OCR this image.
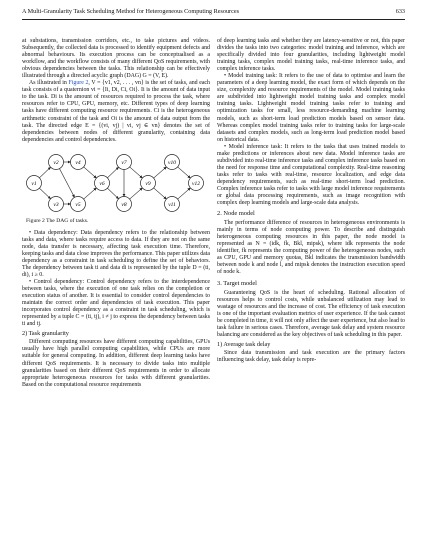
A Multi-Granularity Task Scheduling Method for Heterogeneous Computing Resources	633

at substations, transmission corridors, etc., to take pictures and videos. Subsequently, the collected data is processed to identify equipment defects and abnormal behaviours. Its execution process can be conceptualised as a workflow, and the workflow consists of many different QoS requirements, with obvious dependencies between the tasks. This relationship can be effectively illustrated through a directed acyclic graph (DAG) G = (V, E).

As illustrated in Figure 2, V = {v1, v2, . . . , vn} is the set of tasks, and each task consists of a quaternion vi = {Ii, Di, Ci, Oi}. Ii is the amount of data input to the task. Di is the amount of resources required to process the task, where resources refer to CPU, GPU, memory, etc. Different types of deep learning tasks have different computing resource requirements. Ci is the heterogeneous arithmetic constraint of the task and Oi is the amount of data output from the task. The directed edge E = {(vi, vj) | vi, vj ∈ vn} denotes the set of dependencies between nodes of different granularity, containing data dependencies and control dependencies.

v1
v2
v3
v4
v5
v6
v7
v8
v9
v10
v11
v12
Figure 2 The DAG of tasks.

• Data dependency: Data dependency refers to the relationship between tasks and data, where tasks require access to data. If they are not on the same node, data transfer is necessary, affecting task execution time. Therefore, keeping tasks and data close improves the performance. This paper utilizes data dependency as a constraint in task scheduling to define the set of behaviors. The dependency between task ti and data di is represented by the tuple D = (ti, di), i ≥ 0.

• Control dependency: Control dependency refers to the interdependence between tasks, where the execution of one task relies on the completion or execution status of another. It is essential to consider control dependencies to maintain the correct order and dependencies of task execution. This paper incorporates control dependency as a constraint in task scheduling, which is represented by a tuple C = (ti, tj), i ≠ j to express the dependency between tasks ti and tj.

2) Task granularity

Different computing resources have different computing capabilities, GPUs usually have high parallel computing capabilities, while CPUs are more suitable for general computing. In addition, different deep learning tasks have different QoS requirements. It is necessary to divide tasks into multiple granularities based on their different QoS requirements in order to allocate appropriate heterogeneous resources for tasks with different granularities. Based on the computational resource requirements

of deep learning tasks and whether they are latency-sensitive or not, this paper divides the tasks into two categories: model training and inference, which are specifically divided into four granularities, including lightweight model training tasks, complex model training tasks, real-time inference tasks, and complex inference tasks.

• Model training task: It refers to the use of data to optimise and learn the parameters of a deep learning model, the exact form of which depends on the size, complexity and resource requirements of the model. Model training tasks are subdivided into lightweight model training tasks and complex model training tasks. Lightweight model training tasks refer to training and optimization tasks for small, less resource-demanding machine learning models, such as short-term load prediction models based on sensor data. Whereas complex model training tasks refer to training tasks for large-scale datasets and complex models, such as long-term load prediction model based on historical data.

• Model inference task: It refers to the tasks that uses trained models to make predictions or inferences about new data. Model inference tasks are subdivided into real-time inference tasks and complex inference tasks based on the need for response time and computational complexity. Real-time reasoning tasks refer to tasks with real-time, resource localization, and edge data dependency requirements, such as real-time short-term load prediction. Complex inference tasks refer to tasks with large model inference requirements or global data processing requirements, such as image recognition with complex deep learning models and large-scale data analysis.

2. Node model

The performance difference of resources in heterogeneous environments is mainly in terms of node computing power. To describe and distinguish heterogeneous computing resources in this paper, the node model is represented as N = (idk, fk, Bkl, mipsk), where idk represents the node identifier, fk represents the computing power of the heterogeneous nodes, such as CPU, GPU and memory quotas, Bkl indicates the transmission bandwidth between node k and node l, and mipsk denotes the instruction execution speed of node k.

3. Target model

Guaranteeing QoS is the heart of scheduling. Rational allocation of resources helps to control costs, while unbalanced utilization may lead to wastage of resources and the increase of cost. The efficiency of task execution is one of the important evaluation metrics of user experience. If the task cannot be completed in time, it will not only affect the user experience, but also lead to task failure in serious cases. Therefore, average task delay and system resource balancing are considered as the key objectives of task scheduling in this paper.

1) Average task delay

Since data transmission and task execution are the primary factors influencing task delay, task delay is repre-
